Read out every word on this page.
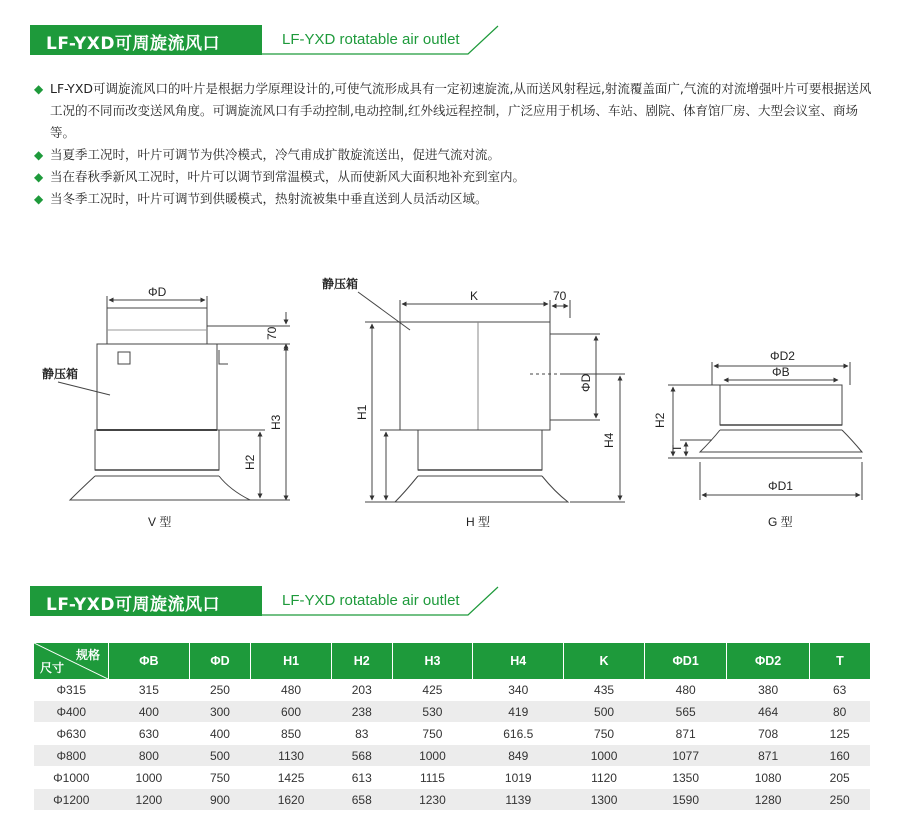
LF-YXD可周旋流风口	LF-YXD rotatable air outlet
◆ LF-YXD可调旋流风口的叶片是根据力学原理设计的,可使气流形成具有一定初速旋流,从而送风射程远,射流覆盖面广,气流的对流增强叶片可要根据送风工况的不同而改变送风角度。可调旋流风口有手动控制,电动控制,红外线远程控制，广泛应用于机场、车站、剧院、体育馆厂房、大型会议室、商场等。
◆ 当夏季工况时，叶片可调节为供冷模式，冷气甫成扩散旋流送出，促进气流对流。
◆ 当在春秋季新风工况时，叶片可以调节到常温模式，从而使新风大面积地补充到室内。
◆ 当冬季工况时，叶片可调节到供暖模式，热射流被集中垂直送到人员活动区域。
ΦD
70
H3
H2
静压箱
V 型
K	70
H1
ΦD
H4
静压箱
H 型
ΦD2
ΦB
H2
T
ΦD1
G 型
LF-YXD可周旋流风口	LF-YXD rotatable air outlet
规格
尺寸	ΦB	ΦD	H1	H2	H3	H4	K	ΦD1	ΦD2	T
Φ315	315	250	480	203	425	340	435	480	380	63
Φ400	400	300	600	238	530	419	500	565	464	80
Φ630	630	400	850	83	750	616.5	750	871	708	125
Φ800	800	500	1130	568	1000	849	1000	1077	871	160
Φ1000	1000	750	1425	613	1115	1019	1120	1350	1080	205
Φ1200	1200	900	1620	658	1230	1139	1300	1590	1280	250
